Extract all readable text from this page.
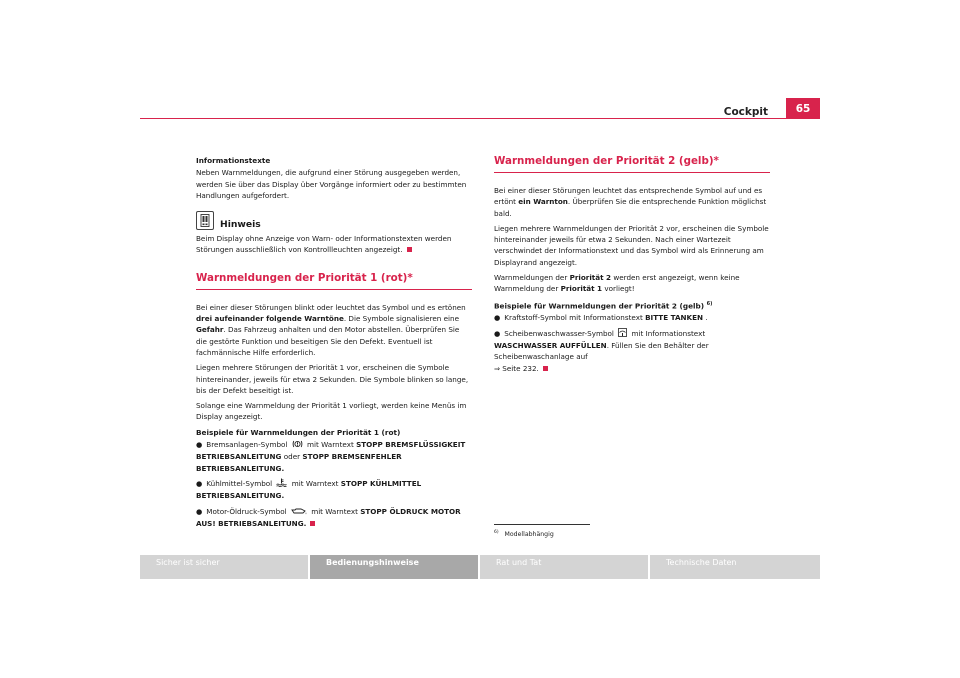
Cockpit	65
Informationstexte

Neben Warnmeldungen, die aufgrund einer Störung ausgegeben werden, werden Sie über das Display über Vorgänge informiert oder zu bestimmten Handlungen aufgefordert.

Hinweis

Beim Display ohne Anzeige von Warn- oder Informationstexten werden Störungen ausschließlich von Kontrollleuchten angezeigt.

Warnmeldungen der Priorität 1 (rot)*

Bei einer dieser Störungen blinkt oder leuchtet das Symbol und es ertönen drei aufeinander folgende Warntöne. Die Symbole signalisieren eine Gefahr. Das Fahrzeug anhalten und den Motor abstellen. Überprüfen Sie die gestörte Funktion und beseitigen Sie den Defekt. Eventuell ist fachmännische Hilfe erforderlich.

Liegen mehrere Störungen der Priorität 1 vor, erscheinen die Symbole hintereinander, jeweils für etwa 2 Sekunden. Die Symbole blinken so lange, bis der Defekt beseitigt ist.

Solange eine Warnmeldung der Priorität 1 vorliegt, werden keine Menüs im Display angezeigt.

Beispiele für Warnmeldungen der Priorität 1 (rot)

● Bremsanlagen-Symbol	mit Warntext STOPP BREMSFLÜSSIGKEIT BETRIEBSANLEITUNG oder STOPP BREMSENFEHLER BETRIEBSANLEITUNG.

● Kühlmittel-Symbol	mit Warntext STOPP KÜHLMITTEL BETRIEBSANLEITUNG.

● Motor-Öldruck-Symbol	mit Warntext STOPP ÖLDRUCK MOTOR AUS! BETRIEBSANLEITUNG.

Warnmeldungen der Priorität 2 (gelb)*

Bei einer dieser Störungen leuchtet das entsprechende Symbol auf und es ertönt ein Warnton. Überprüfen Sie die entsprechende Funktion möglichst bald.

Liegen mehrere Warnmeldungen der Priorität 2 vor, erscheinen die Symbole hintereinander jeweils für etwa 2 Sekunden. Nach einer Wartezeit verschwindet der Informationstext und das Symbol wird als Erinnerung am Displayrand angezeigt.

Warnmeldungen der Priorität 2 werden erst angezeigt, wenn keine Warnmeldung der Priorität 1 vorliegt!

Beispiele für Warnmeldungen der Priorität 2 (gelb) $^{6)}$

● Kraftstoff-Symbol mit Informationstext BITTE TANKEN .

● Scheibenwaschwasser-Symbol mit Informationstext WASCHWASSER AUFFÜLLEN. Füllen Sie den Behälter der Scheibenwaschanlage auf
⇒ Seite 232.

$^{6)}$ Modellabhängig
Sicher ist sicher	Bedienungshinweise	Rat und Tat	Technische Daten
